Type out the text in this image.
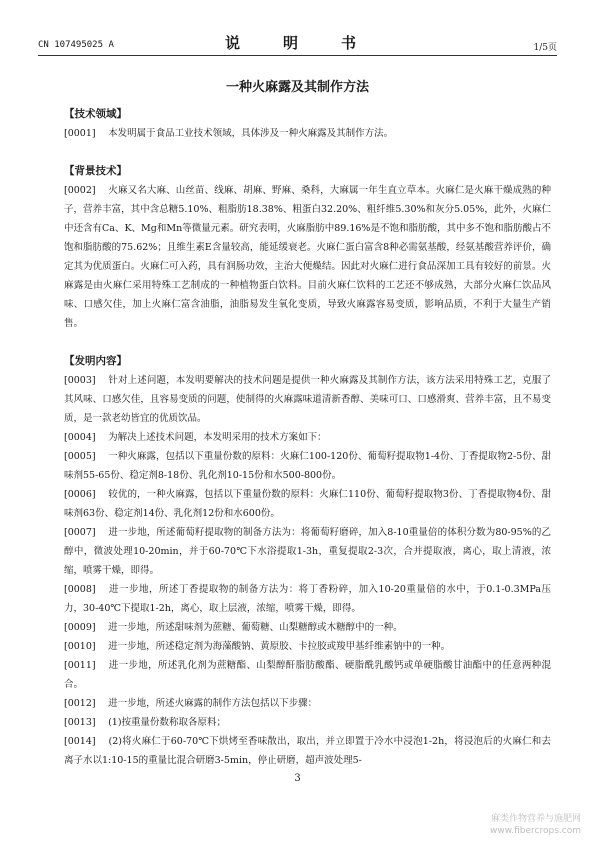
CN 107495025 A	说　明　书	1/5页
一种火麻露及其制作方法
【技术领域】

[0001]　本发明属于食品工业技术领域，具体涉及一种火麻露及其制作方法。

【背景技术】

[0002]　火麻又名大麻、山丝苗、线麻、胡麻、野麻、桑科，大麻属一年生直立草本。火麻仁是火麻干燥成熟的种子，营养丰富，其中含总糖5.10%、粗脂肪18.38%、粗蛋白32.20%、粗纤维5.30%和灰分5.05%，此外，火麻仁中还含有Ca、K、Mg和Mn等微量元素。研究表明，火麻脂肪中89.16%是不饱和脂肪酸，其中多不饱和脂肪酸占不饱和脂肪酸的75.62%；且维生素E含量较高，能延缓衰老。火麻仁蛋白富含8种必需氨基酸，经氨基酸营养评价，确定其为优质蛋白。火麻仁可入药，具有润肠功效，主治大便燥结。因此对火麻仁进行食品深加工具有较好的前景。火麻露是由火麻仁采用特殊工艺制成的一种植物蛋白饮料。目前火麻仁饮料的工艺还不够成熟，大部分火麻仁饮品风味、口感欠佳，加上火麻仁富含油脂，油脂易发生氧化变质，导致火麻露容易变质，影响品质，不利于大量生产销售。

【发明内容】

[0003]　针对上述问题，本发明要解决的技术问题是提供一种火麻露及其制作方法，该方法采用特殊工艺，克服了其风味、口感欠佳，且容易变质的问题，使制得的火麻露味道清新香醇、美味可口、口感滑爽、营养丰富，且不易变质，是一款老幼皆宜的优质饮品。

[0004]　为解决上述技术问题，本发明采用的技术方案如下：

[0005]　一种火麻露，包括以下重量份数的原料：火麻仁100-120份、葡萄籽提取物1-4份、丁香提取物2-5份、甜味剂55-65份、稳定剂8-18份、乳化剂10-15份和水500-800份。

[0006]　较优的，一种火麻露，包括以下重量份数的原料：火麻仁110份、葡萄籽提取物3份、丁香提取物4份、甜味剂63份、稳定剂14份、乳化剂12份和水600份。

[0007]　进一步地，所述葡萄籽提取物的制备方法为：将葡萄籽磨碎，加入8-10重量倍的体积分数为80-95%的乙醇中，微波处理10-20min，并于60-70℃下水浴提取1-3h，重复提取2-3次，合并提取液，离心，取上清液，浓缩，喷雾干燥，即得。

[0008]　进一步地，所述丁香提取物的制备方法为：将丁香粉碎，加入10-20重量倍的水中，于0.1-0.3MPa压力，30-40℃下提取1-2h，离心，取上层液，浓缩，喷雾干燥，即得。

[0009]　进一步地，所述甜味剂为蔗糖、葡萄糖、山梨糖醇或木糖醇中的一种。

[0010]　进一步地，所述稳定剂为海藻酸钠、黄原胶、卡拉胶或羧甲基纤维素钠中的一种。

[0011]　进一步地，所述乳化剂为蔗糖酯、山梨醇酐脂肪酸酯、硬脂酰乳酸钙或单硬脂酸甘油酯中的任意两种混合。

[0012]　进一步地，所述火麻露的制作方法包括以下步骤：

[0013]　(1)按重量份数称取各原料；

[0014]　(2)将火麻仁于60-70℃下烘烤至香味散出，取出，并立即置于冷水中浸泡1-2h，将浸泡后的火麻仁和去离子水以1:10-15的重量比混合研磨3-5min，停止研磨，超声波处理5-

3
麻类作物营养与施肥网
www.fibercrops.com
